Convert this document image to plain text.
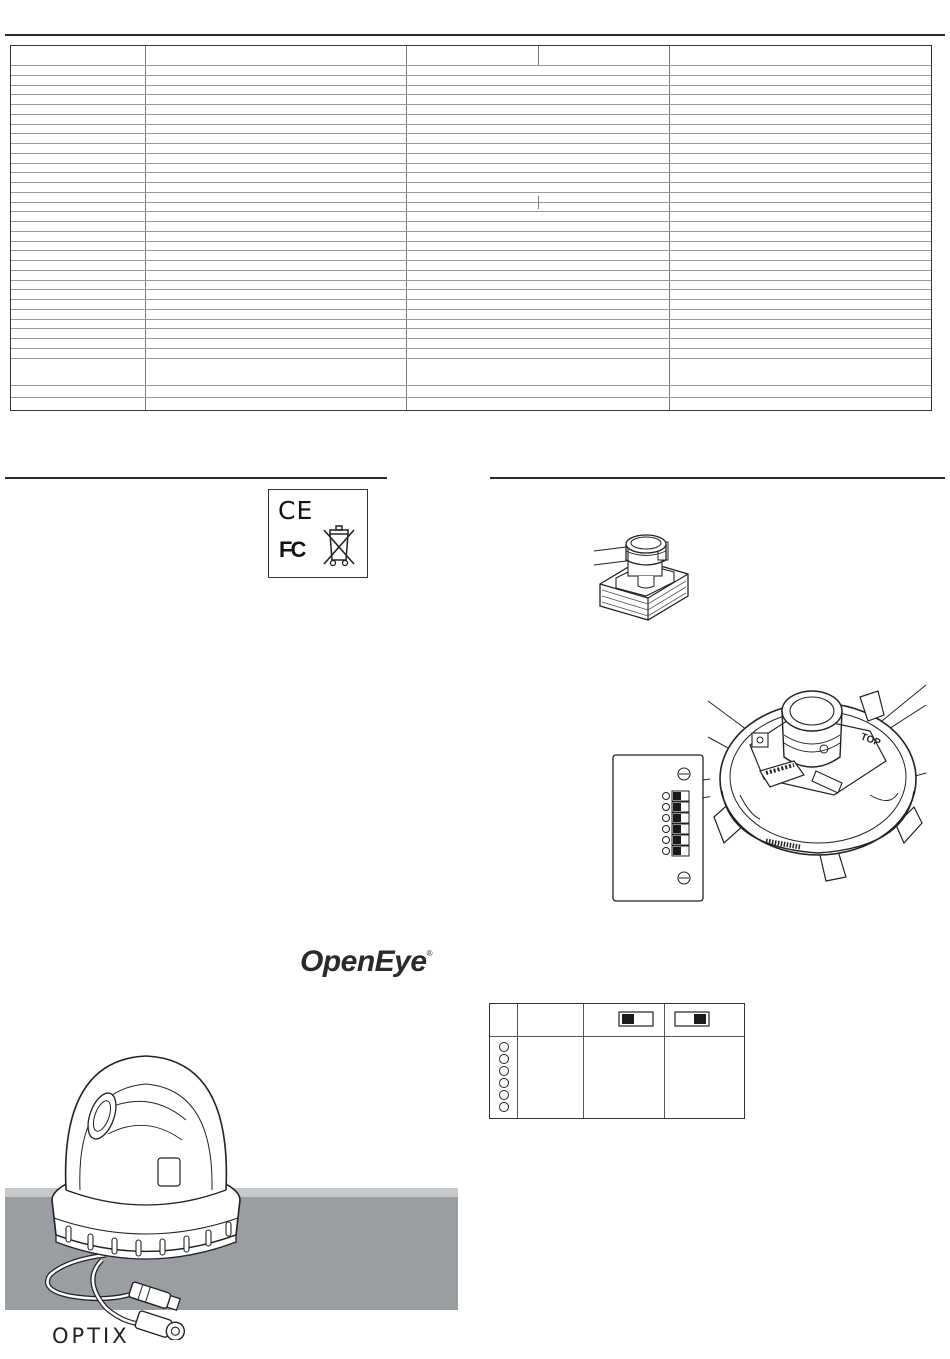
CE
FC
TOP
OpenEye®
OPTIX
